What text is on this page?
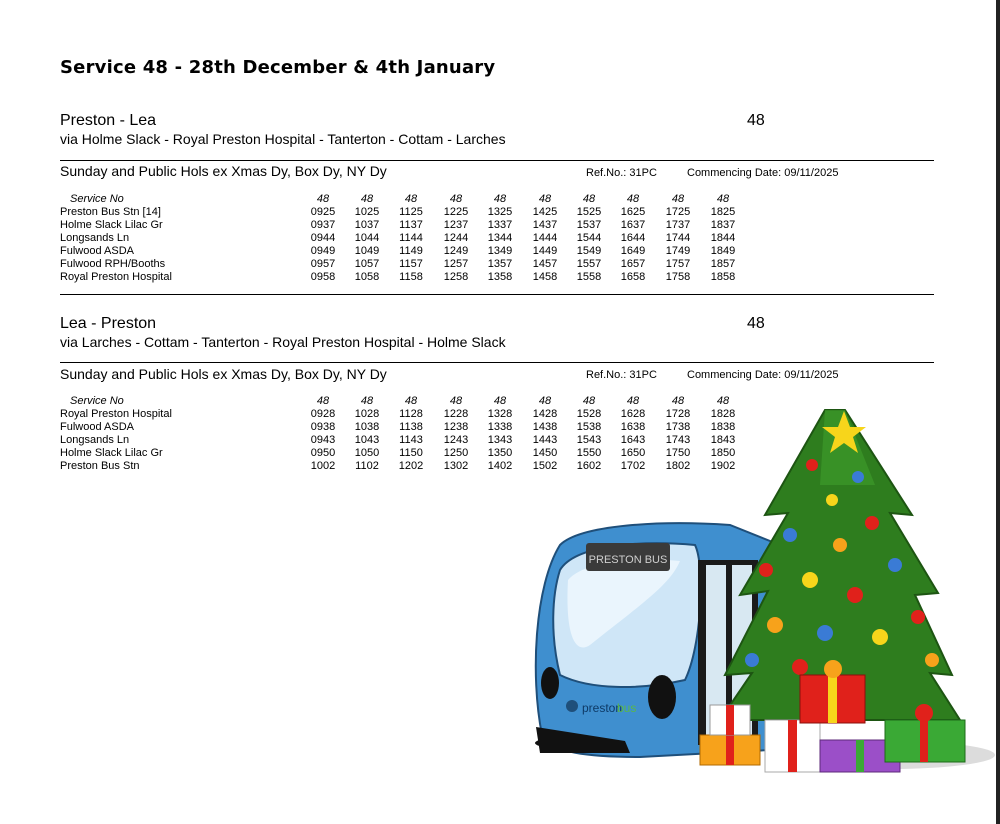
Service 48 - 28th December & 4th January
Preston - Lea	48
via Holme Slack - Royal Preston Hospital - Tanterton - Cottam - Larches
Sunday and Public Hols ex Xmas Dy, Box Dy, NY Dy	Ref.No.: 31PC	Commencing Date: 09/11/2025
Service No	48	48	48	48	48	48	48	48	48	48
Preston Bus Stn [14]	0925	1025	1125	1225	1325	1425	1525	1625	1725	1825
Holme Slack Lilac Gr	0937	1037	1137	1237	1337	1437	1537	1637	1737	1837
Longsands Ln	0944	1044	1144	1244	1344	1444	1544	1644	1744	1844
Fulwood ASDA	0949	1049	1149	1249	1349	1449	1549	1649	1749	1849
Fulwood RPH/Booths	0957	1057	1157	1257	1357	1457	1557	1657	1757	1857
Royal Preston Hospital	0958	1058	1158	1258	1358	1458	1558	1658	1758	1858
Lea - Preston	48
via Larches - Cottam - Tanterton - Royal Preston Hospital - Holme Slack
Sunday and Public Hols ex Xmas Dy, Box Dy, NY Dy	Ref.No.: 31PC	Commencing Date: 09/11/2025
Service No	48	48	48	48	48	48	48	48	48	48
Royal Preston Hospital	0928	1028	1128	1228	1328	1428	1528	1628	1728	1828
Fulwood ASDA	0938	1038	1138	1238	1338	1438	1538	1638	1738	1838
Longsands Ln	0943	1043	1143	1243	1343	1443	1543	1643	1743	1843
Holme Slack Lilac Gr	0950	1050	1150	1250	1350	1450	1550	1650	1750	1850
Preston Bus Stn	1002	1102	1202	1302	1402	1502	1602	1702	1802	1902
PRESTON BUS
preston
bus
